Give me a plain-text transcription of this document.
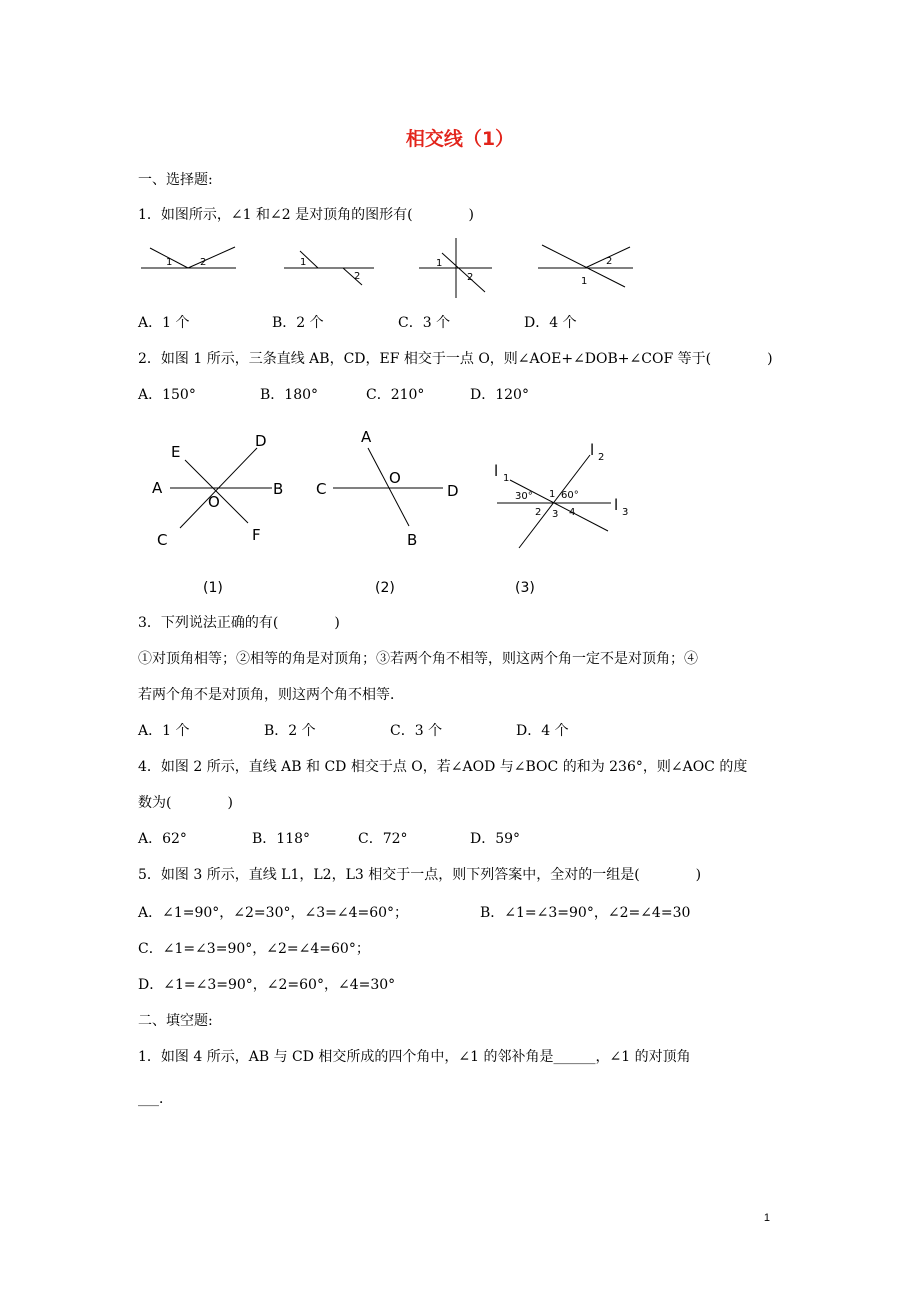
相交线（1）
一、选择题:
1．如图所示，∠1 和∠2 是对顶角的图形有(　　　　)
1	2	1
2
1
2
2
1
A．1 个	B．2 个	C．3 个	D．4 个
2．如图 1 所示，三条直线 AB，CD，EF 相交于一点 O，则∠AOE+∠DOB+∠COF 等于(　　　　)
A．150°	B．180°	C．210°	D．120°
E
D
A
O
B
C	F
(1)
A
C
O
D
B
(2)
l 1
l 2
l 3
30° 1 60°
2 3 4
(3)
3．下列说法正确的有(　　　　)
①对顶角相等；②相等的角是对顶角；③若两个角不相等，则这两个角一定不是对顶角；④
若两个角不是对顶角，则这两个角不相等．
A．1 个	B．2 个	C．3 个	D．4 个
4．如图 2 所示，直线 AB 和 CD 相交于点 O，若∠AOD 与∠BOC 的和为 236°，则∠AOC 的度
数为(　　　　)
A．62°	B．118°	C．72°	D．59°
5．如图 3 所示，直线 L1，L2，L3 相交于一点，则下列答案中，全对的一组是(　　　　)
A．∠1=90°，∠2=30°，∠3=∠4=60°；	B．∠1=∠3=90°，∠2=∠4=30
C．∠1=∠3=90°，∠2=∠4=60°；
D．∠1=∠3=90°，∠2=60°，∠4=30°
二、填空题:
1．如图 4 所示，AB 与 CD 相交所成的四个角中，∠1 的邻补角是______，∠1 的对顶角
___．
1
